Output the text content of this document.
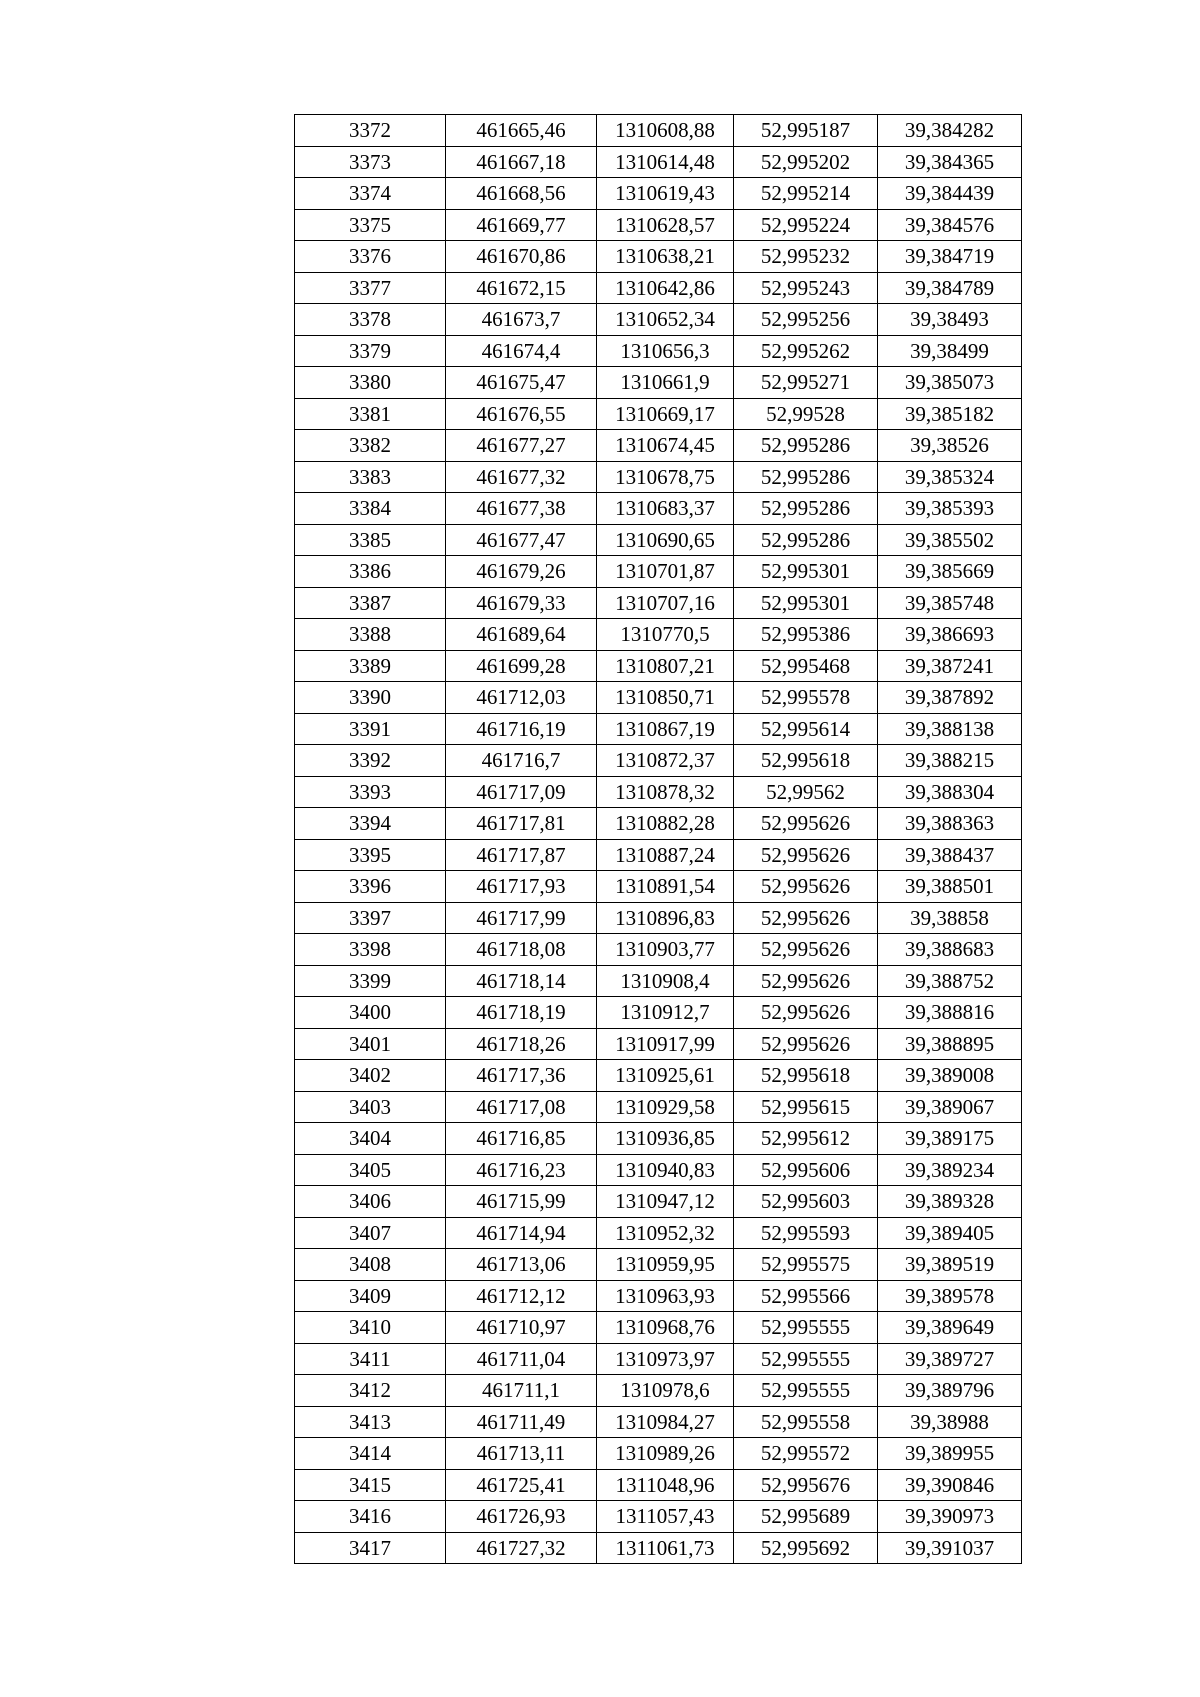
3372	461665,46	1310608,88	52,995187	39,384282
3373	461667,18	1310614,48	52,995202	39,384365
3374	461668,56	1310619,43	52,995214	39,384439
3375	461669,77	1310628,57	52,995224	39,384576
3376	461670,86	1310638,21	52,995232	39,384719
3377	461672,15	1310642,86	52,995243	39,384789
3378	461673,7	1310652,34	52,995256	39,38493
3379	461674,4	1310656,3	52,995262	39,38499
3380	461675,47	1310661,9	52,995271	39,385073
3381	461676,55	1310669,17	52,99528	39,385182
3382	461677,27	1310674,45	52,995286	39,38526
3383	461677,32	1310678,75	52,995286	39,385324
3384	461677,38	1310683,37	52,995286	39,385393
3385	461677,47	1310690,65	52,995286	39,385502
3386	461679,26	1310701,87	52,995301	39,385669
3387	461679,33	1310707,16	52,995301	39,385748
3388	461689,64	1310770,5	52,995386	39,386693
3389	461699,28	1310807,21	52,995468	39,387241
3390	461712,03	1310850,71	52,995578	39,387892
3391	461716,19	1310867,19	52,995614	39,388138
3392	461716,7	1310872,37	52,995618	39,388215
3393	461717,09	1310878,32	52,99562	39,388304
3394	461717,81	1310882,28	52,995626	39,388363
3395	461717,87	1310887,24	52,995626	39,388437
3396	461717,93	1310891,54	52,995626	39,388501
3397	461717,99	1310896,83	52,995626	39,38858
3398	461718,08	1310903,77	52,995626	39,388683
3399	461718,14	1310908,4	52,995626	39,388752
3400	461718,19	1310912,7	52,995626	39,388816
3401	461718,26	1310917,99	52,995626	39,388895
3402	461717,36	1310925,61	52,995618	39,389008
3403	461717,08	1310929,58	52,995615	39,389067
3404	461716,85	1310936,85	52,995612	39,389175
3405	461716,23	1310940,83	52,995606	39,389234
3406	461715,99	1310947,12	52,995603	39,389328
3407	461714,94	1310952,32	52,995593	39,389405
3408	461713,06	1310959,95	52,995575	39,389519
3409	461712,12	1310963,93	52,995566	39,389578
3410	461710,97	1310968,76	52,995555	39,389649
3411	461711,04	1310973,97	52,995555	39,389727
3412	461711,1	1310978,6	52,995555	39,389796
3413	461711,49	1310984,27	52,995558	39,38988
3414	461713,11	1310989,26	52,995572	39,389955
3415	461725,41	1311048,96	52,995676	39,390846
3416	461726,93	1311057,43	52,995689	39,390973
3417	461727,32	1311061,73	52,995692	39,391037
